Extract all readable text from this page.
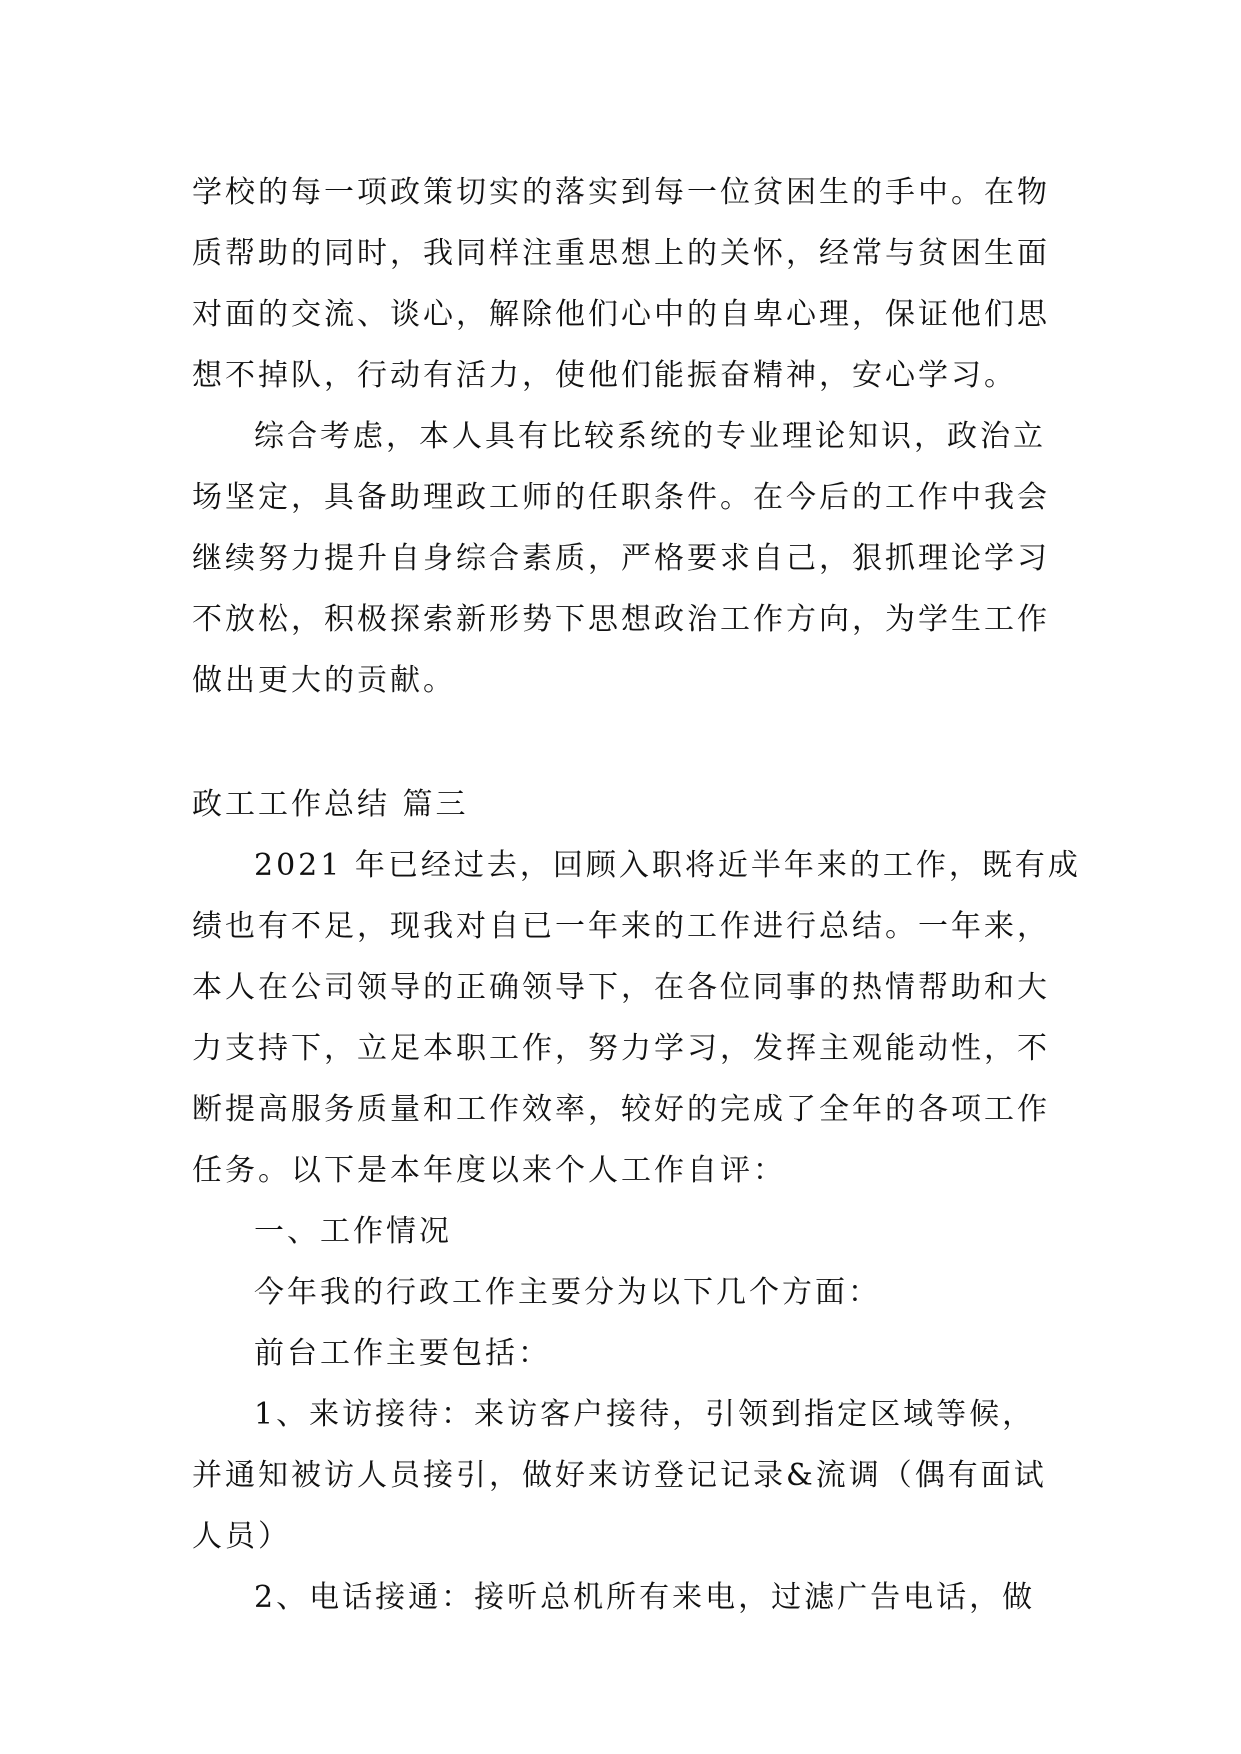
学校的每一项政策切实的落实到每一位贫困生的手中。在物
质帮助的同时，我同样注重思想上的关怀，经常与贫困生面
对面的交流、谈心，解除他们心中的自卑心理，保证他们思
想不掉队，行动有活力，使他们能振奋精神，安心学习。
综合考虑，本人具有比较系统的专业理论知识，政治立
场坚定，具备助理政工师的任职条件。在今后的工作中我会
继续努力提升自身综合素质，严格要求自己，狠抓理论学习
不放松，积极探索新形势下思想政治工作方向，为学生工作
做出更大的贡献。
政工工作总结 篇三
2021 年已经过去，回顾入职将近半年来的工作，既有成
绩也有不足，现我对自已一年来的工作进行总结。一年来，
本人在公司领导的正确领导下，在各位同事的热情帮助和大
力支持下，立足本职工作，努力学习，发挥主观能动性，不
断提高服务质量和工作效率，较好的完成了全年的各项工作
任务。以下是本年度以来个人工作自评：
一、工作情况
今年我的行政工作主要分为以下几个方面：
前台工作主要包括：
1、来访接待：来访客户接待，引领到指定区域等候，
并通知被访人员接引，做好来访登记记录&流调（偶有面试
人员）
2、电话接通：接听总机所有来电，过滤广告电话，做
